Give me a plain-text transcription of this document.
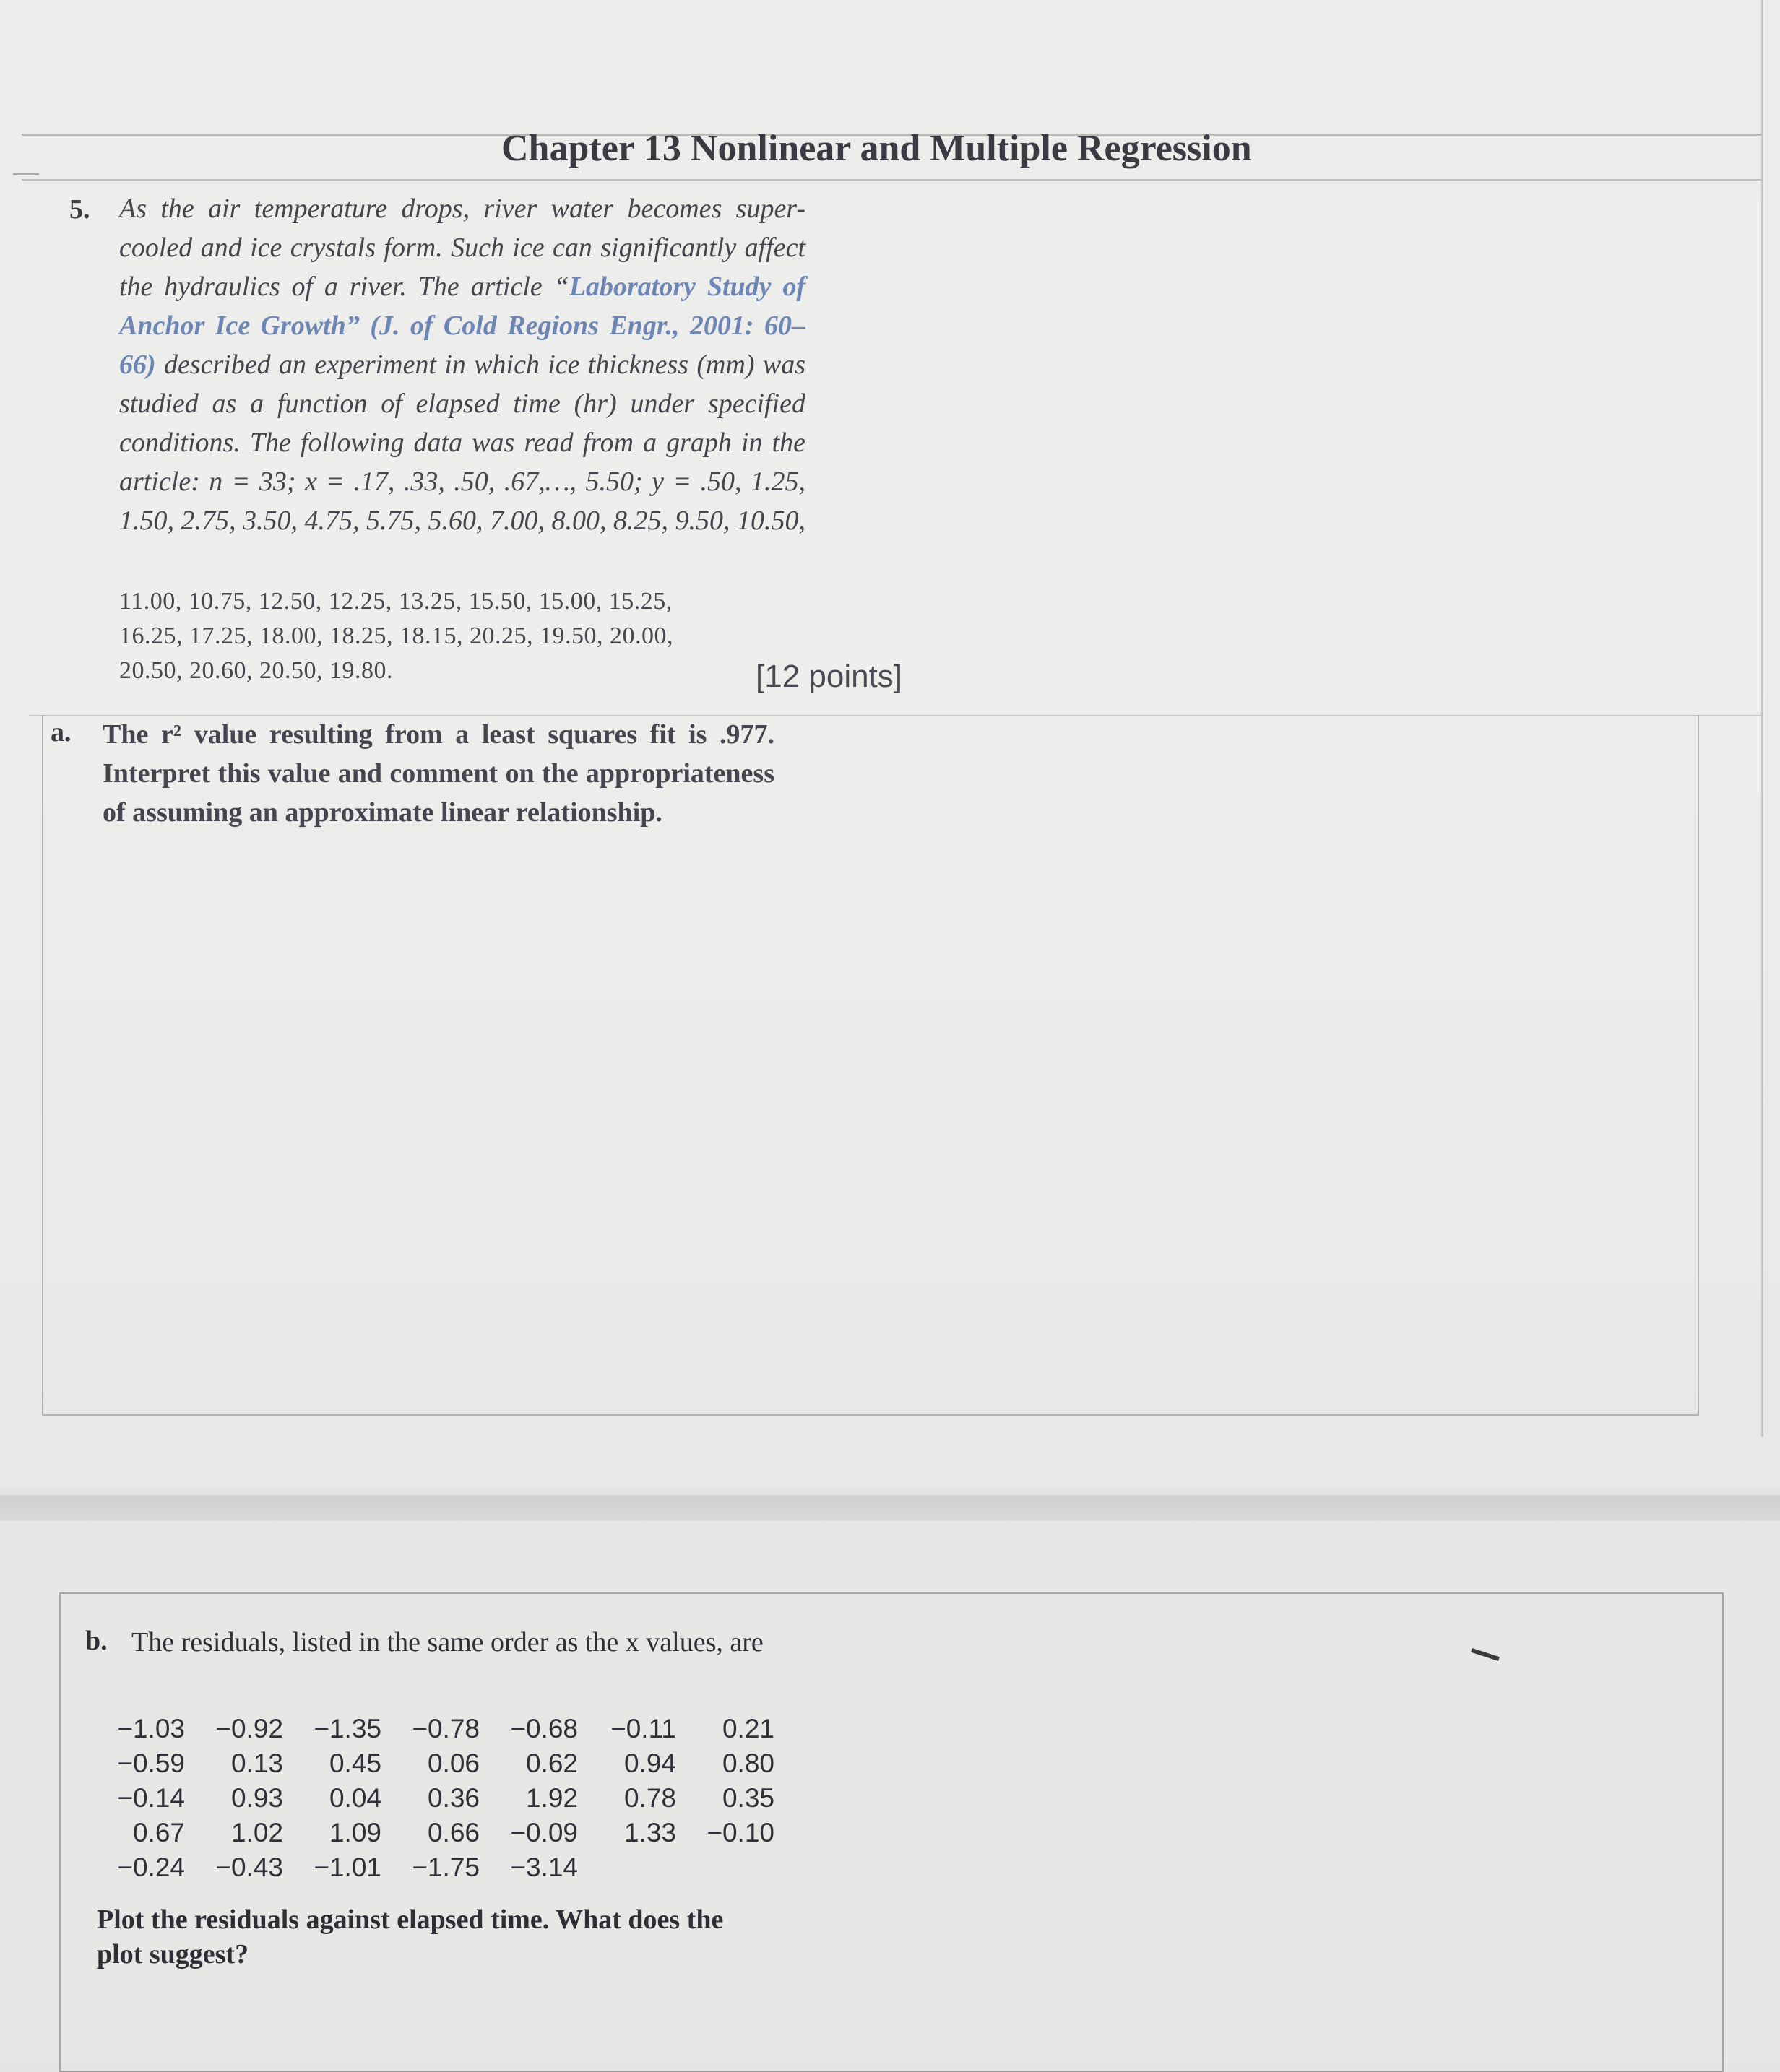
Chapter 13 Nonlinear and Multiple Regression
5. As the air temperature drops, river water becomes super-cooled and ice crystals form. Such ice can significantly affect the hydraulics of a river. The article “Laboratory Study of Anchor Ice Growth” (J. of Cold Regions Engr., 2001: 60–66) described an experiment in which ice thickness (mm) was studied as a function of elapsed time (hr) under specified conditions. The following data was read from a graph in the article: n = 33; x = .17, .33, .50, .67,…, 5.50; y = .50, 1.25, 1.50, 2.75, 3.50, 4.75, 5.75, 5.60, 7.00, 8.00, 8.25, 9.50, 10.50,
11.00, 10.75, 12.50, 12.25, 13.25, 15.50, 15.00, 15.25,
16.25, 17.25, 18.00, 18.25, 18.15, 20.25, 19.50, 20.00,
20.50, 20.60, 20.50, 19.80.	[12 points]
a. The r² value resulting from a least squares fit is .977. Interpret this value and comment on the appropriateness of assuming an approximate linear relationship.
b. The residuals, listed in the same order as the x values, are
−1.03	−0.92	−1.35	−0.78	−0.68	−0.11	0.21
−0.59	0.13	0.45	0.06	0.62	0.94	0.80
−0.14	0.93	0.04	0.36	1.92	0.78	0.35
0.67	1.02	1.09	0.66	−0.09	1.33	−0.10
−0.24	−0.43	−1.01	−1.75	−3.14		
Plot the residuals against elapsed time. What does the plot suggest?
